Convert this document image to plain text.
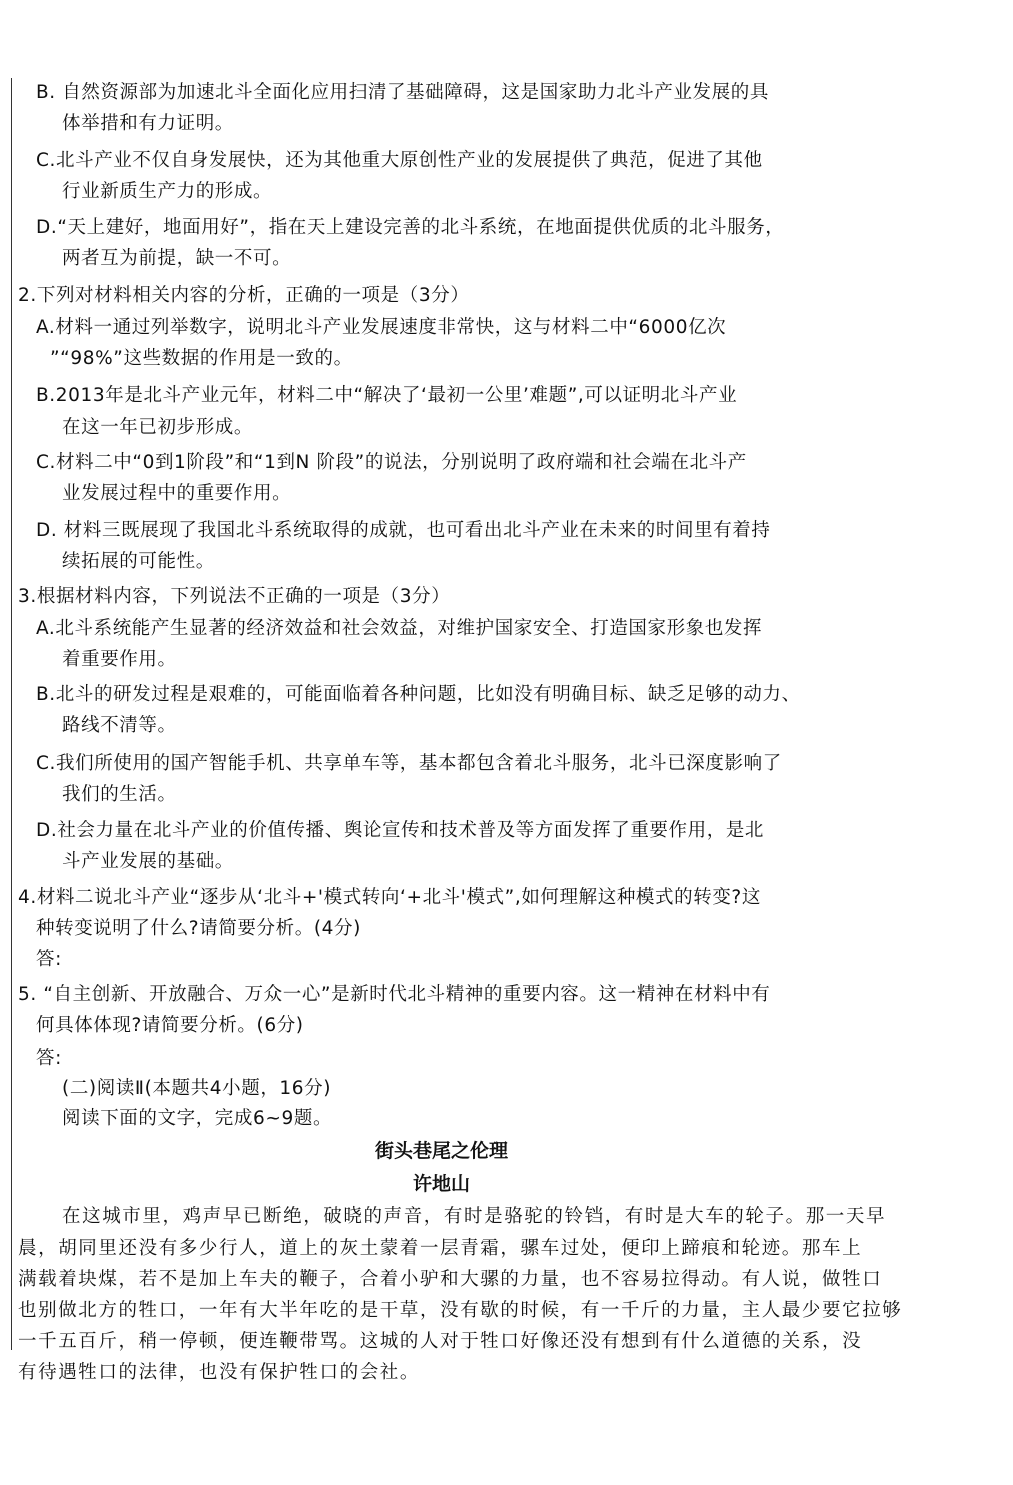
B. 自然资源部为加速北斗全面化应用扫清了基础障碍，这是国家助力北斗产业发展的具
体举措和有力证明。
C.北斗产业不仅自身发展快，还为其他重大原创性产业的发展提供了典范，促进了其他
行业新质生产力的形成。
D.“天上建好，地面用好”，指在天上建设完善的北斗系统，在地面提供优质的北斗服务，
两者互为前提，缺一不可。
2.下列对材料相关内容的分析，正确的一项是（3分）
A.材料一通过列举数字，说明北斗产业发展速度非常快，这与材料二中“6000亿次
”“98%”这些数据的作用是一致的。
B.2013年是北斗产业元年，材料二中“解决了‘最初一公里’难题”,可以证明北斗产业
在这一年已初步形成。
C.材料二中“0到1阶段”和“1到N 阶段”的说法，分别说明了政府端和社会端在北斗产
业发展过程中的重要作用。
D. 材料三既展现了我国北斗系统取得的成就，也可看出北斗产业在未来的时间里有着持
续拓展的可能性。
3.根据材料内容，下列说法不正确的一项是（3分）
A.北斗系统能产生显著的经济效益和社会效益，对维护国家安全、打造国家形象也发挥
着重要作用。
B.北斗的研发过程是艰难的，可能面临着各种问题，比如没有明确目标、缺乏足够的动力、
路线不清等。
C.我们所使用的国产智能手机、共享单车等，基本都包含着北斗服务，北斗已深度影响了
我们的生活。
D.社会力量在北斗产业的价值传播、舆论宣传和技术普及等方面发挥了重要作用，是北
斗产业发展的基础。
4.材料二说北斗产业“逐步从‘北斗+'模式转向‘+北斗'模式”,如何理解这种模式的转变?这
种转变说明了什么?请简要分析。(4分)
答:
5. “自主创新、开放融合、万众一心”是新时代北斗精神的重要内容。这一精神在材料中有
何具体体现?请简要分析。(6分)
答:
(二)阅读Ⅱ(本题共4小题，16分)
阅读下面的文字，完成6~9题。
街头巷尾之伦理
许地山
在这城市里，鸡声早已断绝，破晓的声音，有时是骆驼的铃铛，有时是大车的轮子。那一天早
晨，胡同里还没有多少行人，道上的灰土蒙着一层青霜，骡车过处，便印上蹄痕和轮迹。那车上
满载着块煤，若不是加上车夫的鞭子，合着小驴和大骡的力量，也不容易拉得动。有人说，做牲口
也别做北方的牲口，一年有大半年吃的是干草，没有歇的时候，有一千斤的力量，主人最少要它拉够
一千五百斤，稍一停顿，便连鞭带骂。这城的人对于牲口好像还没有想到有什么道德的关系，没
有待遇牲口的法律，也没有保护牲口的会社。
